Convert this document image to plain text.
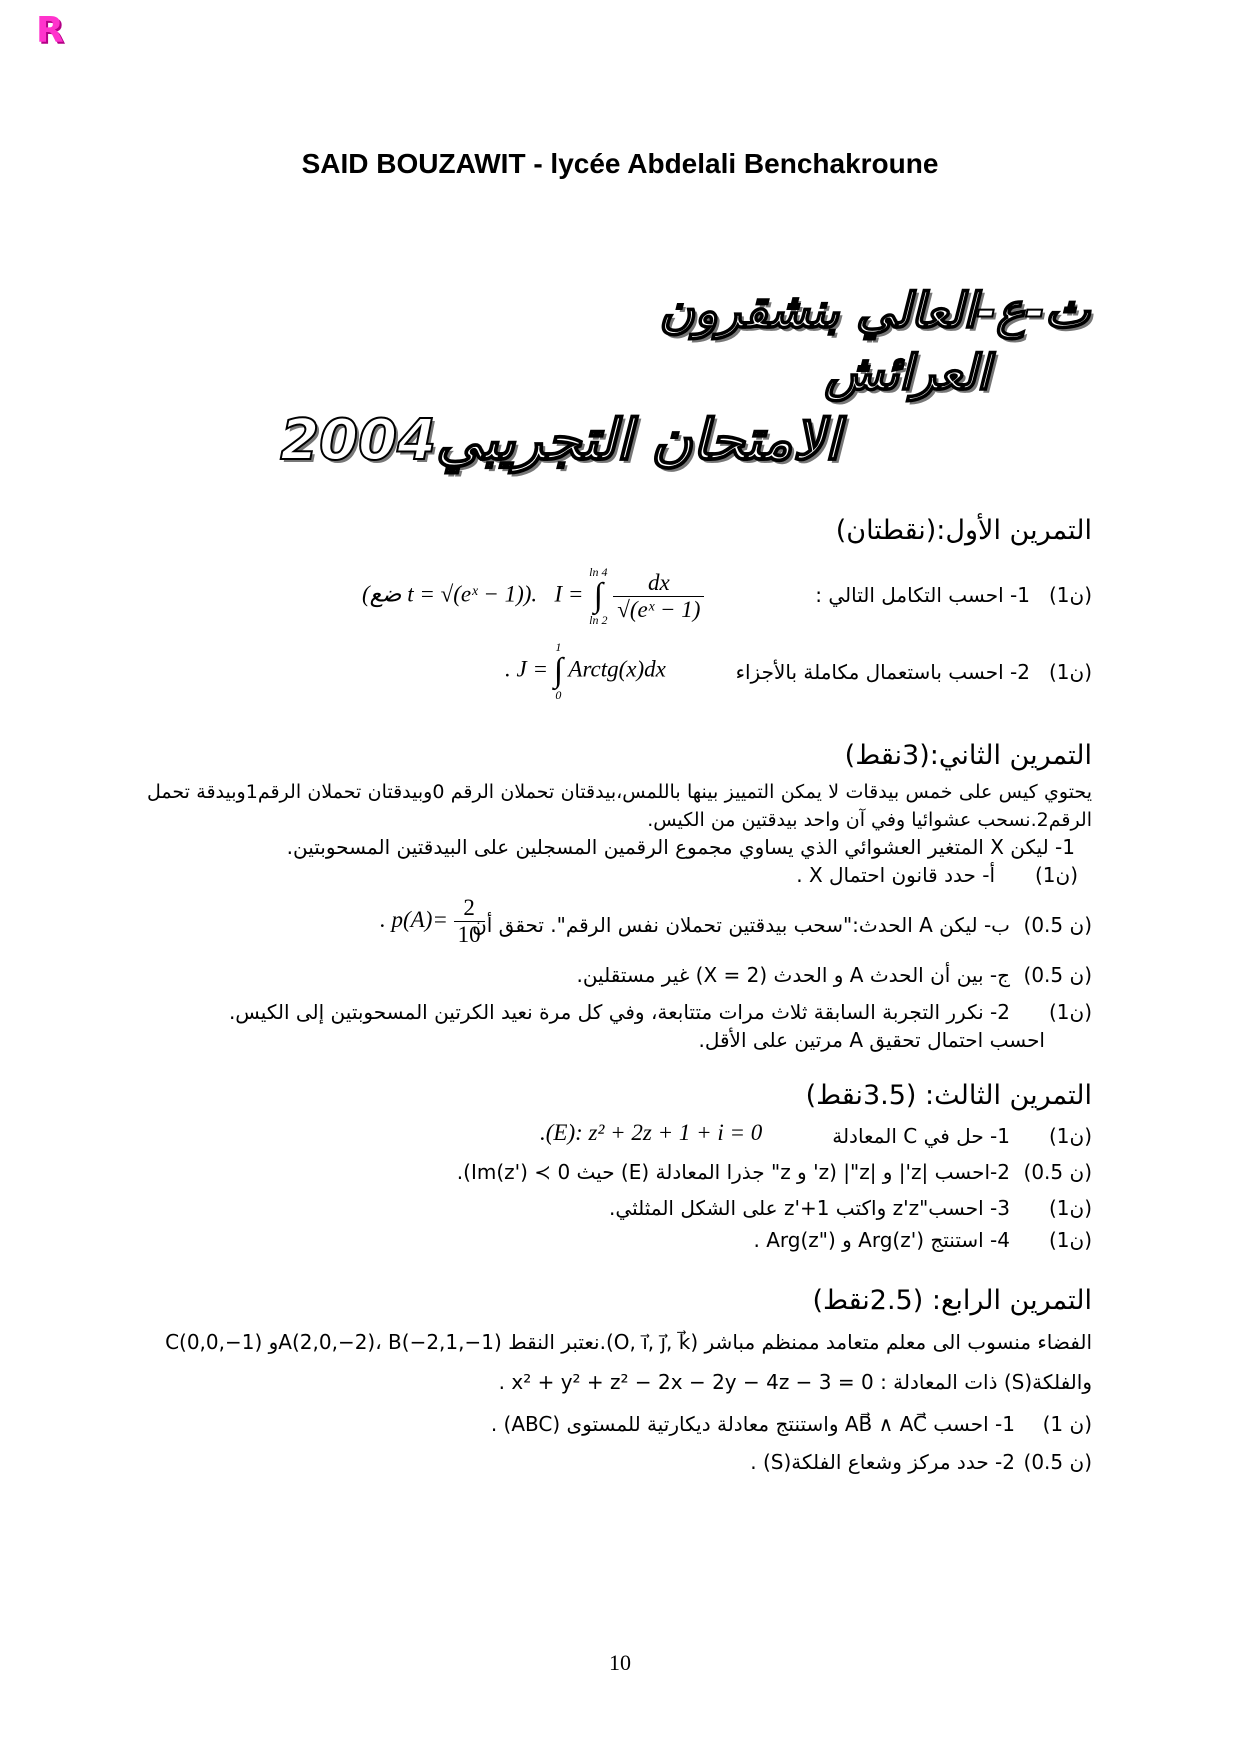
R
SAID BOUZAWIT - lycée Abdelali Benchakroune
ث-ع-العالي بنشقرون
العرائش
الامتحان التجريبي2004
التمرين الأول:(نقطتان)
(1ن)
1- احسب التكامل التالي :
(ضع t = √(eˣ − 1)). I = ln 4
∫
$\ln 2 \frac{dx}{\text{√(eˣ − 1)}}$
(1ن)
2- احسب باستعمال مكاملة بالأجزاء
. J = 1
∫
0 Arctg(x)dx
التمرين الثاني:(3نقط)
يحتوي كيس على خمس بيدقات لا يمكن التمييز بينها باللمس،بيدقتان تحملان الرقم 0وبيدقتان تحملان الرقم1وبيدقة تحمل الرقم2.نسحب عشوائيا وفي آن واحد بيدقتين من الكيس.
1- ليكن X المتغير العشوائي الذي يساوي مجموع الرقمين المسجلين على البيدقتين المسحوبتين.
(1ن)
أ- حدد قانون احتمال X .
(0.5 ن)
ب- ليكن A الحدث:"سحب بيدقتين تحملان نفس الرقم". تحقق أن
. $p(A)= \frac{2}{10}$
(0.5 ن)
ج- بين أن الحدث A و الحدث (X = 2) غير مستقلين.
(1ن)
2- نكرر التجربة السابقة ثلاث مرات متتابعة، وفي كل مرة نعيد الكرتين المسحوبتين إلى الكيس.
احسب احتمال تحقيق A مرتين على الأقل.
التمرين الثالث: (3.5نقط)
(1ن)
1- حل في C المعادلة
.(E): z² + 2z + 1 + i = 0
(0.5 ن)
2-احسب |z'| و |z"| (z' و z" جذرا المعادلة (E) حيث 0 ≻ Im(z')).
(1ن)
3- احسب"z'z واكتب z'+1 على الشكل المثلثي.
(1ن)
4- استنتج Arg(z') و Arg(z") .
التمرين الرابع: (2.5نقط)
الفضاء منسوب الى معلم متعامد ممنظم مباشر (O, i⃗, j⃗, k⃗).نعتبر النقط A(2,0,−2)، B(−2,1,−1)و C(0,0,−1)
والفلكة(S) ذات المعادلة : x² + y² + z² − 2x − 2y − 4z − 3 = 0 .
(1 ن)
1- احسب AB⃗ ∧ AC⃗ واستنتج معادلة ديكارتية للمستوى (ABC) .
(0.5 ن)
2- حدد مركز وشعاع الفلكة(S) .
10
